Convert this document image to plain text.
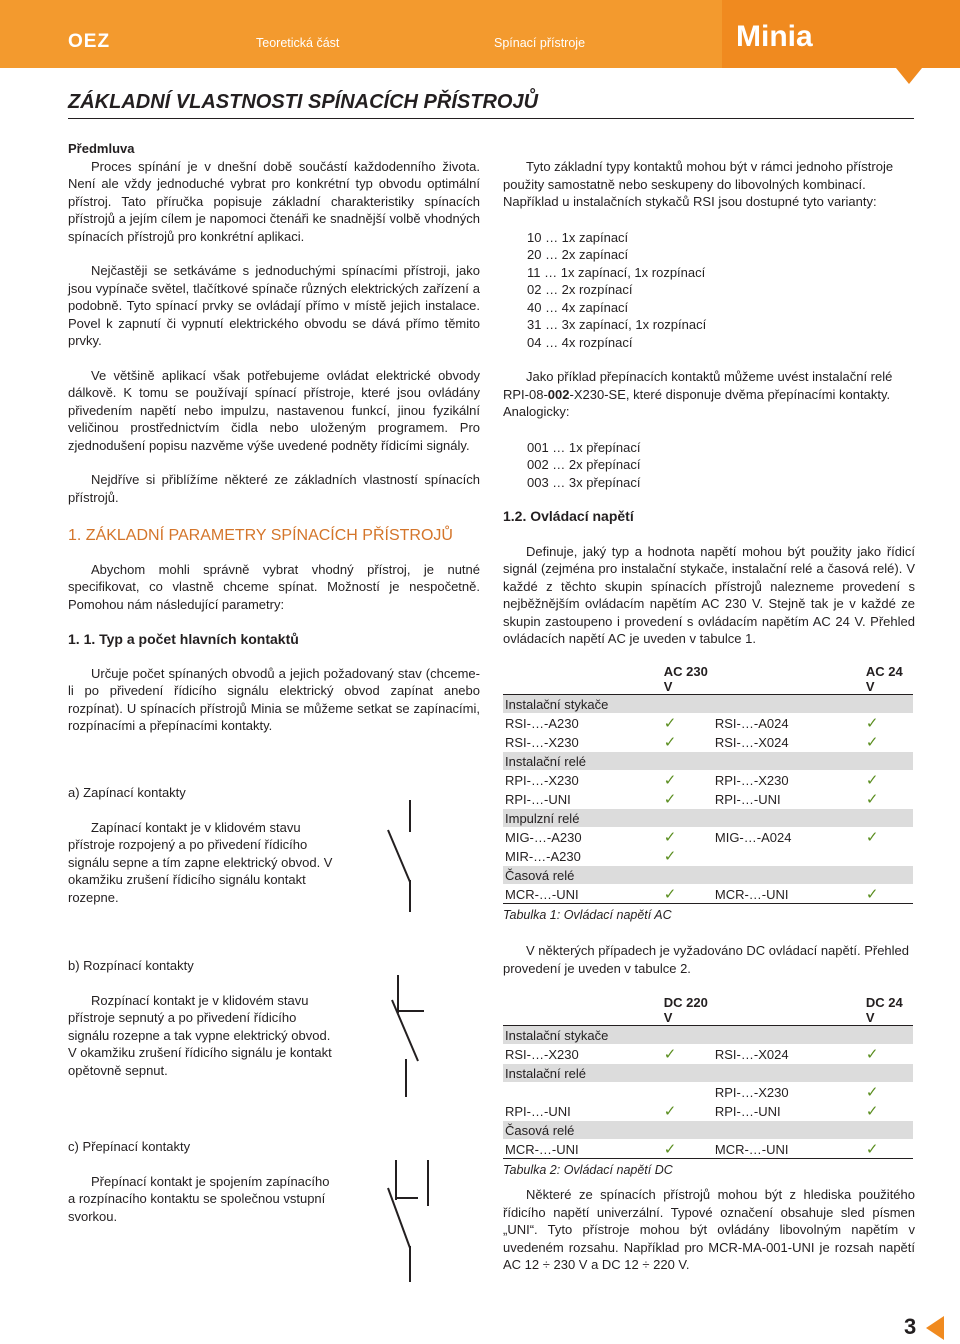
OEZ	Teoretická část	Spínací přístroje	Minia
ZÁKLADNÍ VLASTNOSTI SPÍNACÍCH PŘÍSTROJŮ

Předmluva

Proces spínání je v dnešní době součástí každodenního života. Není ale vždy jednoduché vybrat pro konkrétní typ obvodu optimální přístroj. Tato příručka popisuje základní charakteristiky spínacích přístrojů a jejím cílem je napomoci čtenáři ke snadnější volbě vhodných spínacích přístrojů pro konkrétní aplikaci.

Nejčastěji se setkáváme s jednoduchými spínacími přístroji, jako jsou vypínače světel, tlačítkové spínače různých elektrických zařízení a podobně. Tyto spínací prvky se ovládají přímo v místě jejich instalace. Povel k zapnutí či vypnutí elektrického obvodu se dává přímo těmito prvky.

Ve většině aplikací však potřebujeme ovládat elektrické obvody dálkově. K tomu se používají spínací přístroje, které jsou ovládány přivedením napětí nebo impulzu, nastavenou funkcí, jinou fyzikální veličinou prostřednictvím čidla nebo uloženým programem. Pro zjednodušení popisu nazvěme výše uvedené podněty řídicími signály.

Nejdříve si přiblížíme některé ze základních vlastností spínacích přístrojů.

1. ZÁKLADNÍ PARAMETRY SPÍNACÍCH PŘÍSTROJŮ

Abychom mohli správně vybrat vhodný přístroj, je nutné specifikovat, co vlastně chceme spínat. Možností je nespočetně. Pomohou nám následující parametry:

1. 1. Typ a počet hlavních kontaktů

Určuje počet spínaných obvodů a jejich požadovaný stav (chceme-li po přivedení řídicího signálu elektrický obvod zapínat anebo rozpínat). U spínacích přístrojů Minia se můžeme setkat se zapínacími, rozpínacími a přepínacími kontakty.

a) Zapínací kontakty

Zapínací kontakt je v klidovém stavu přístroje rozpojený a po přivedení řídicího signálu sepne a tím zapne elektrický obvod. V okamžiku zrušení řídicího signálu kontakt rozepne.

b) Rozpínací kontakty

Rozpínací kontakt je v klidovém stavu přístroje sepnutý a po přivedení řídicího signálu rozepne a tak vypne elektrický obvod. V okamžiku zrušení řídicího signálu je kontakt opětovně sepnut.

c) Přepínací kontakty

Přepínací kontakt je spojením zapínacího a rozpínacího kontaktu se společnou vstupní svorkou.

Tyto základní typy kontaktů mohou být v rámci jednoho přístroje použity samostatně nebo seskupeny do libovolných kombinací. Například u instalačních stykačů RSI jsou dostupné tyto varianty:

10 … 1x zapínací

20 … 2x zapínací

11 … 1x zapínací, 1x rozpínací

02 … 2x rozpínací

40 … 4x zapínací

31 … 3x zapínací, 1x rozpínací

04 … 4x rozpínací

Jako příklad přepínacích kontaktů můžeme uvést instalační relé RPI-08-002-X230-SE, které disponuje dvěma přepínacími kontakty. Analogicky:

001 … 1x přepínací

002 … 2x přepínací

003 … 3x přepínací

1.2. Ovládací napětí

Definuje, jaký typ a hodnota napětí mohou být použity jako řídicí signál (zejména pro instalační stykače, instalační relé a časová relé). V každé z těchto skupin spínacích přístrojů nalezneme provedení s nejběžnějším ovládacím napětím AC 230 V. Stejně tak je v každé ze skupin zastoupeno i provedení s ovládacím napětím AC 24 V. Přehled ovládacích napětí AC je uveden v tabulce 1.

	AC 230 V		AC 24 V
Instalační stykače			
RSI-…-A230	✓	RSI-…-A024	✓
RSI-…-X230	✓	RSI-…-X024	✓
Instalační relé			
RPI-…-X230	✓	RPI-…-X230	✓
RPI-…-UNI	✓	RPI-…-UNI	✓
Impulzní relé			
MIG-…-A230	✓	MIG-…-A024	✓
MIR-…-A230	✓		
Časová relé			
MCR-…-UNI	✓	MCR-…-UNI	✓
Tabulka 1: Ovládací napětí AC

V některých případech je vyžadováno DC ovládací napětí. Přehled provedení je uveden v tabulce 2.

	DC 220 V		DC 24 V
Instalační stykače			
RSI-…-X230	✓	RSI-…-X024	✓
Instalační relé			
		RPI-…-X230	✓
RPI-…-UNI	✓	RPI-…-UNI	✓
Časová relé			
MCR-…-UNI	✓	MCR-…-UNI	✓
Tabulka 2: Ovládací napětí DC

Některé ze spínacích přístrojů mohou být z hlediska použitého řídicího napětí univerzální. Typové označení obsahuje sled písmen „UNI“. Tyto přístroje mohou být ovládány libovolným napětím v uvedeném rozsahu. Například pro MCR-MA-001-UNI je rozsah napětí AC 12 ÷ 230 V a DC 12 ÷ 220 V.

3
